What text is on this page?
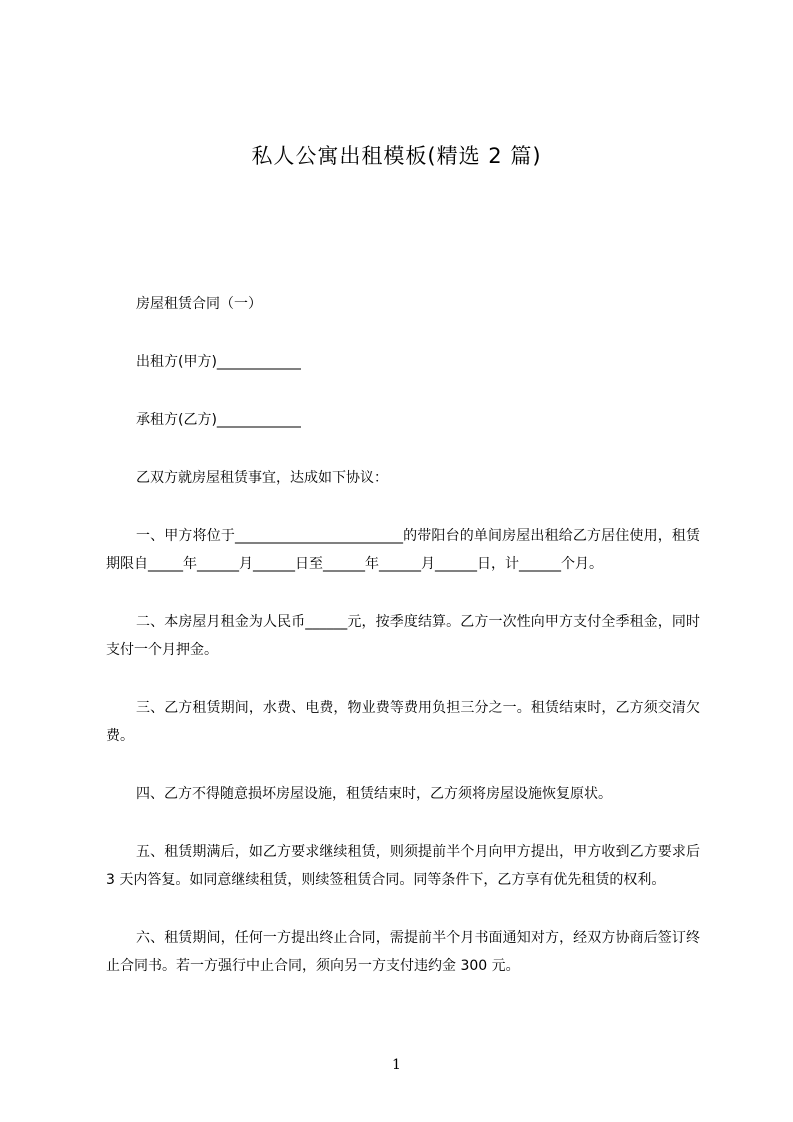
私人公寓出租模板(精选 2 篇)

房屋租赁合同（一）

出租方(甲方)____________

承租方(乙方)____________

乙双方就房屋租赁事宜，达成如下协议：

一、甲方将位于________________________的带阳台的单间房屋出租给乙方居住使用，租赁期限自_____年______月______日至______年______月______日，计______个月。

二、本房屋月租金为人民币______元，按季度结算。乙方一次性向甲方支付全季租金，同时支付一个月押金。

三、乙方租赁期间，水费、电费，物业费等费用负担三分之一。租赁结束时，乙方须交清欠费。

四、乙方不得随意损坏房屋设施，租赁结束时，乙方须将房屋设施恢复原状。

五、租赁期满后，如乙方要求继续租赁，则须提前半个月向甲方提出，甲方收到乙方要求后 3 天内答复。如同意继续租赁，则续签租赁合同。同等条件下，乙方享有优先租赁的权利。

六、租赁期间，任何一方提出终止合同，需提前半个月书面通知对方，经双方协商后签订终止合同书。若一方强行中止合同，须向另一方支付违约金 300 元。

1
